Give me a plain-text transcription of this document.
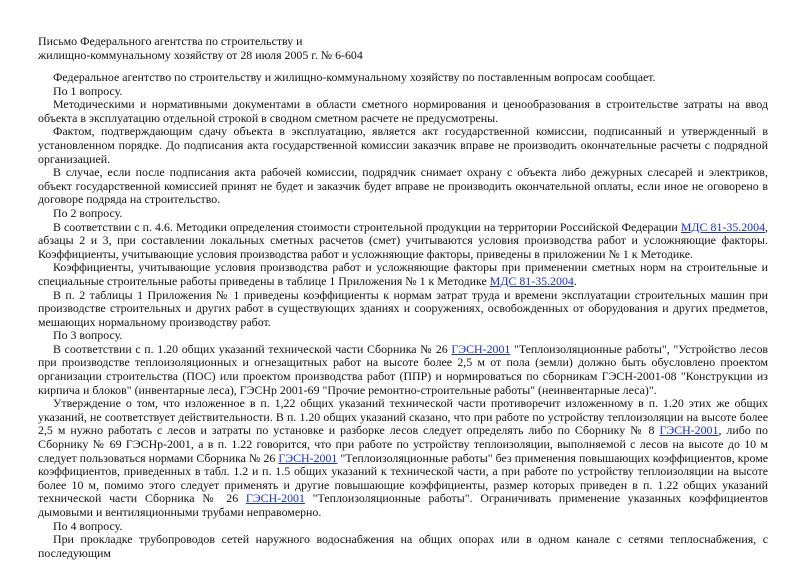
Письмо Федерального агентства по строительству и
жилищно-коммунальному хозяйству от 28 июля 2005 г. № 6-604

Федеральное агентство по строительству и жилищно-коммунальному хозяйству по поставленным вопросам сообщает.

По 1 вопросу.

Методическими и нормативными документами в области сметного нормирования и ценообразования в строительстве затраты на ввод объекта в эксплуатацию отдельной строкой в сводном сметном расчете не предусмотрены.

Фактом, подтверждающим сдачу объекта в эксплуатацию, является акт государственной комиссии, подписанный и утвержденный в установленном порядке. До подписания акта государственной комиссии заказчик вправе не производить окончательные расчеты с подрядной организацией.

В случае, если после подписания акта рабочей комиссии, подрядчик снимает охрану с объекта либо дежурных слесарей и электриков, объект государственной комиссией принят не будет и заказчик будет вправе не производить окончательной оплаты, если иное не оговорено в договоре подряда на строительство.

По 2 вопросу.

В соответствии с п. 4.6. Методики определения стоимости строительной продукции на территории Российской Федерации МДС 81-35.2004, абзацы 2 и 3, при составлении локальных сметных расчетов (смет) учитываются условия производства работ и усложняющие факторы. Коэффициенты, учитывающие условия производства работ и усложняющие факторы, приведены в приложении № 1 к Методике.

Коэффициенты, учитывающие условия производства работ и усложняющие факторы при применении сметных норм на строительные и специальные строительные работы приведены в таблице 1 Приложения № 1 к Методике МДС 81-35.2004.

В п. 2 таблицы 1 Приложения № 1 приведены коэффициенты к нормам затрат труда и времени эксплуатации строительных машин при производстве строительных и других работ в существующих зданиях и сооружениях, освобожденных от оборудования и других предметов, мешающих нормальному производству работ.

По 3 вопросу.

В соответствии с п. 1.20 общих указаний технической части Сборника № 26 ГЭСН-2001 "Теплоизоляционные работы", "Устройство лесов при производстве теплоизоляционных и огнезащитных работ на высоте более 2,5 м от пола (земли) должно быть обусловлено проектом организации строительства (ПОС) или проектом производства работ (ППР) и нормироваться по сборникам ГЭСН-2001-08 "Конструкции из кирпича и блоков" (инвентарные леса), ГЭСНр 2001-69 "Прочие ремонтно-строительные работы" (неинвентарные леса)".

Утверждение о том, что изложенное в п. 1,22 общих указаний технической части противоречит изложенному в п. 1.20 этих же общих указаний, не соответствует действительности. В п. 1.20 общих указаний сказано, что при работе по устройству теплоизоляции на высоте более 2,5 м нужно работать с лесов и затраты по установке и разборке лесов следует определять либо по Сборнику № 8 ГЭСН-2001, либо по Сборнику № 69 ГЭСНр-2001, а в п. 1.22 говорится, что при работе по устройству теплоизоляции, выполняемой с лесов на высоте до 10 м следует пользоваться нормами Сборника № 26 ГЭСН-2001 "Теплоизоляционные работы" без применения повышающих коэффициентов, кроме коэффициентов, приведенных в табл. 1.2 и п. 1.5 общих указаний к технической части, а при работе по устройству теплоизоляции на высоте более 10 м, помимо этого следует применять и другие повышающие коэффициенты, размер которых приведен в п. 1.22 общих указаний технической части Сборника № 26 ГЭСН-2001 "Теплоизоляционные работы". Ограничивать применение указанных коэффициентов дымовыми и вентиляционными трубами неправомерно.

По 4 вопросу.

При прокладке трубопроводов сетей наружного водоснабжения на общих опорах или в одном канале с сетями теплоснабжения, с последующим
